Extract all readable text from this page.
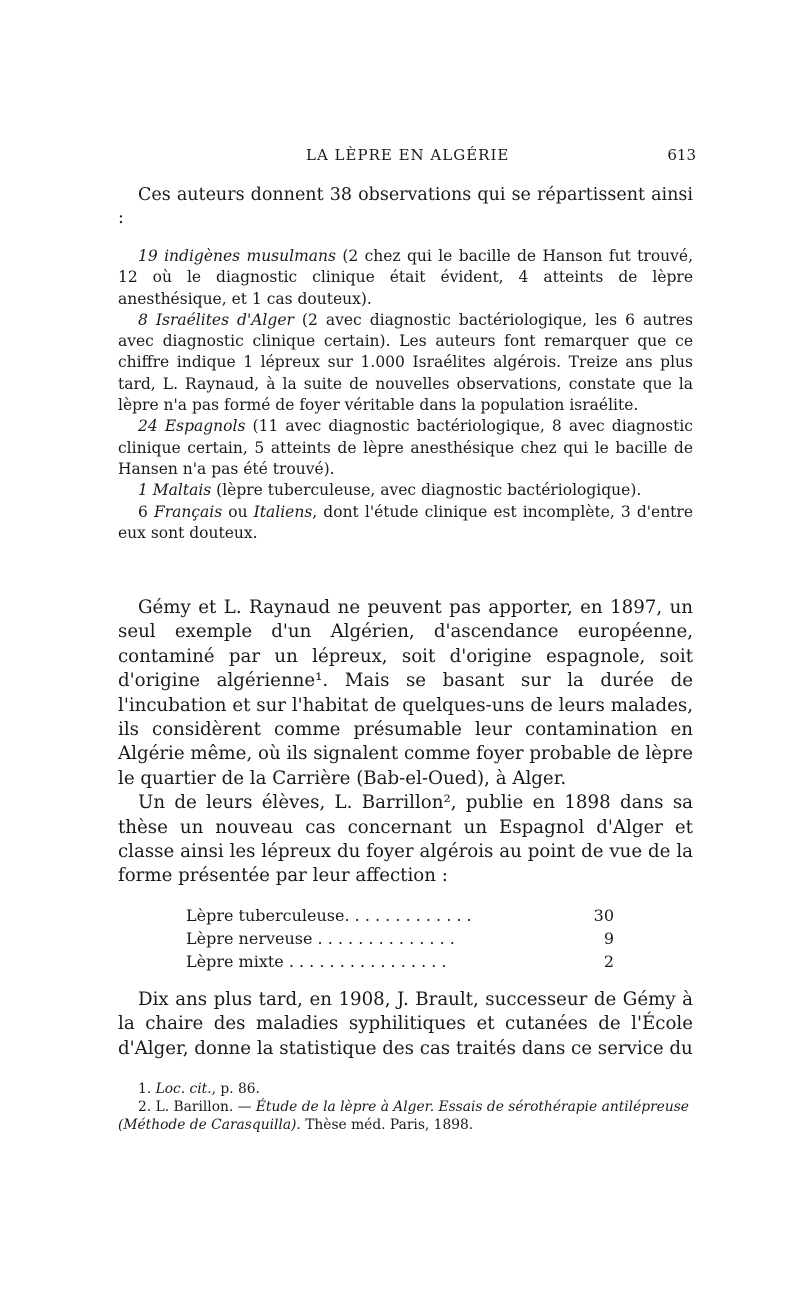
LA LÈPRE EN ALGÉRIE	613
Ces auteurs donnent 38 observations qui se répartissent ainsi :

19 indigènes musulmans (2 chez qui le bacille de Hanson fut trouvé, 12 où le diagnostic clinique était évident, 4 atteints de lèpre anesthésique, et 1 cas douteux).

8 Israélites d'Alger (2 avec diagnostic bactériologique, les 6 autres avec diagnostic clinique certain). Les auteurs font remarquer que ce chiffre indique 1 lépreux sur 1.000 Israélites algérois. Treize ans plus tard, L. Raynaud, à la suite de nouvelles observations, constate que la lèpre n'a pas formé de foyer véritable dans la population israélite.

24 Espagnols (11 avec diagnostic bactériologique, 8 avec diagnostic clinique certain, 5 atteints de lèpre anesthésique chez qui le bacille de Hansen n'a pas été trouvé).

1 Maltais (lèpre tuberculeuse, avec diagnostic bactériologique).

6 Français ou Italiens, dont l'étude clinique est incomplète, 3 d'entre eux sont douteux.

Gémy et L. Raynaud ne peuvent pas apporter, en 1897, un seul exemple d'un Algérien, d'ascendance européenne, contaminé par un lépreux, soit d'origine espagnole, soit d'origine algérienne¹. Mais se basant sur la durée de l'incubation et sur l'habitat de quelques-uns de leurs malades, ils considèrent comme présumable leur contamination en Algérie même, où ils signalent comme foyer probable de lèpre le quartier de la Carrière (Bab-el-Oued), à Alger.

Un de leurs élèves, L. Barrillon², publie en 1898 dans sa thèse un nouveau cas concernant un Espagnol d'Alger et classe ainsi les lépreux du foyer algérois au point de vue de la forme présentée par leur affection :

Lèpre tuberculeuse. . . . . . . . . . . . .	30
Lèpre nerveuse . . . . . . . . . . . . . .	9
Lèpre mixte . . . . . . . . . . . . . . . .	2
Dix ans plus tard, en 1908, J. Brault, successeur de Gémy à la chaire des maladies syphilitiques et cutanées de l'École d'Alger, donne la statistique des cas traités dans ce service du

1. Loc. cit., p. 86.

2. L. Barillon. — Étude de la lèpre à Alger. Essais de sérothérapie antilépreuse (Méthode de Carasquilla). Thèse méd. Paris, 1898.
